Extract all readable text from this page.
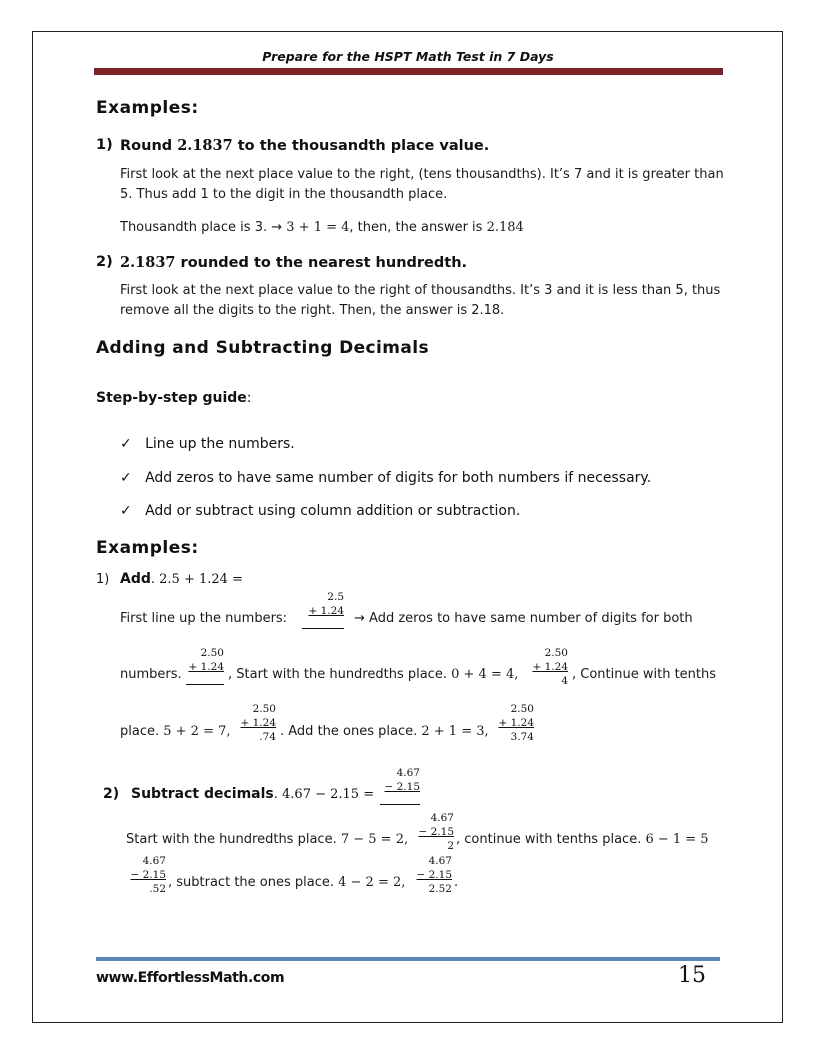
Prepare for the HSPT Math Test in 7 Days
Examples:
1) Round 2.1837 to the thousandth place value.
First look at the next place value to the right, (tens thousandths). It’s 7 and it is greater than
5. Thus add 1 to the digit in the thousandth place.
Thousandth place is 3. → 3 + 1 = 4, then, the answer is 2.184
2) 2.1837 rounded to the nearest hundredth.
First look at the next place value to the right of thousandths. It’s 3 and it is less than 5, thus
remove all the digits to the right. Then, the answer is 2.18.
Adding and Subtracting Decimals
Step-by-step guide:
✓ Line up the numbers.
✓ Add zeros to have same number of digits for both numbers if necessary.
✓ Add or subtract using column addition or subtraction.
Examples:
1) Add. 2.5 + 1.24 =
First line up the numbers:
2.5
+ 1.24 → Add zeros to have same number of digits for both
numbers.
2.50
+ 1.24 , Start with the hundredths place. 0 + 4 = 4,
2.50
+ 1.24
4 , Continue with tenths
place. 5 + 2 = 7,
2.50
+ 1.24
.74 . Add the ones place. 2 + 1 = 3,
2.50
+ 1.24
3.74
2) Subtract decimals. 4.67 − 2.15 =
4.67
− 2.15
Start with the hundredths place. 7 − 5 = 2,
4.67
− 2.15
2 , continue with tenths place. 6 − 1 = 5
4.67
− 2.15
.52 , subtract the ones place. 4 − 2 = 2,
4.67
− 2.15
2.52 .
www.EffortlessMath.com	15
